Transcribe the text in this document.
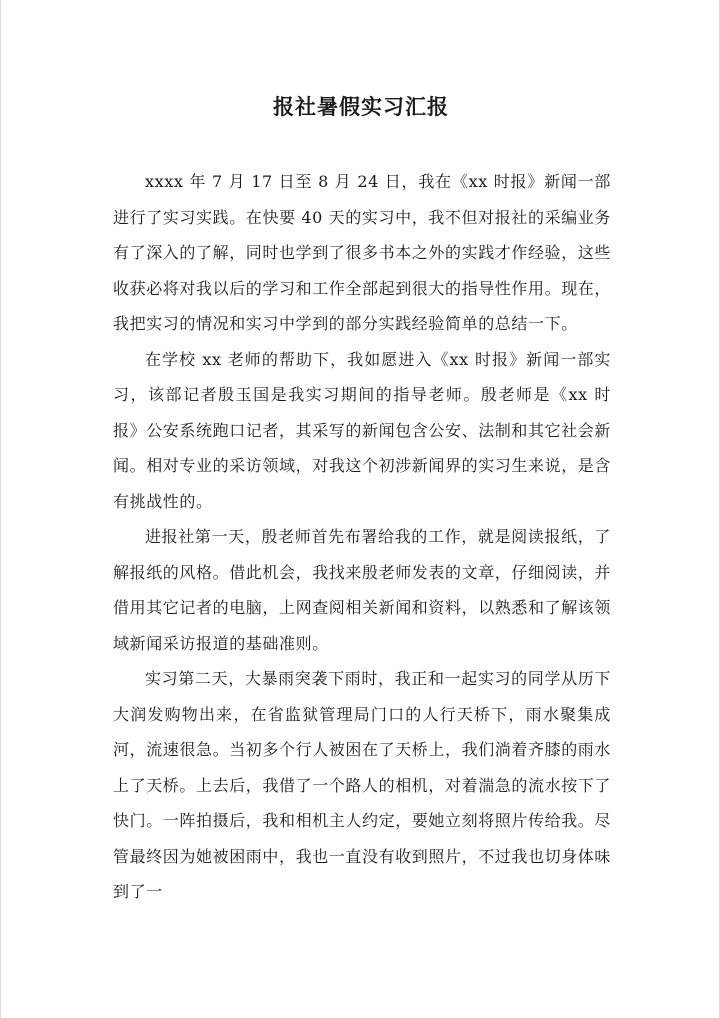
报社暑假实习汇报

xxxx 年 7 月 17 日至 8 月 24 日，我在《xx 时报》新闻一部进行了实习实践。在快要 40 天的实习中，我不但对报社的采编业务有了深入的了解，同时也学到了很多书本之外的实践才作经验，这些收获必将对我以后的学习和工作全部起到很大的指导性作用。现在，我把实习的情况和实习中学到的部分实践经验简单的总结一下。

在学校 xx 老师的帮助下，我如愿进入《xx 时报》新闻一部实习，该部记者殷玉国是我实习期间的指导老师。殷老师是《xx 时报》公安系统跑口记者，其采写的新闻包含公安、法制和其它社会新闻。相对专业的采访领域，对我这个初涉新闻界的实习生来说，是含有挑战性的。

进报社第一天，殷老师首先布署给我的工作，就是阅读报纸，了解报纸的风格。借此机会，我找来殷老师发表的文章，仔细阅读，并借用其它记者的电脑，上网查阅相关新闻和资料，以熟悉和了解该领域新闻采访报道的基础准则。

实习第二天，大暴雨突袭下雨时，我正和一起实习的同学从历下大润发购物出来，在省监狱管理局门口的人行天桥下，雨水聚集成河，流速很急。当初多个行人被困在了天桥上，我们淌着齐膝的雨水上了天桥。上去后，我借了一个路人的相机，对着湍急的流水按下了快门。一阵拍摄后，我和相机主人约定，要她立刻将照片传给我。尽管最终因为她被困雨中，我也一直没有收到照片，不过我也切身体味到了一
